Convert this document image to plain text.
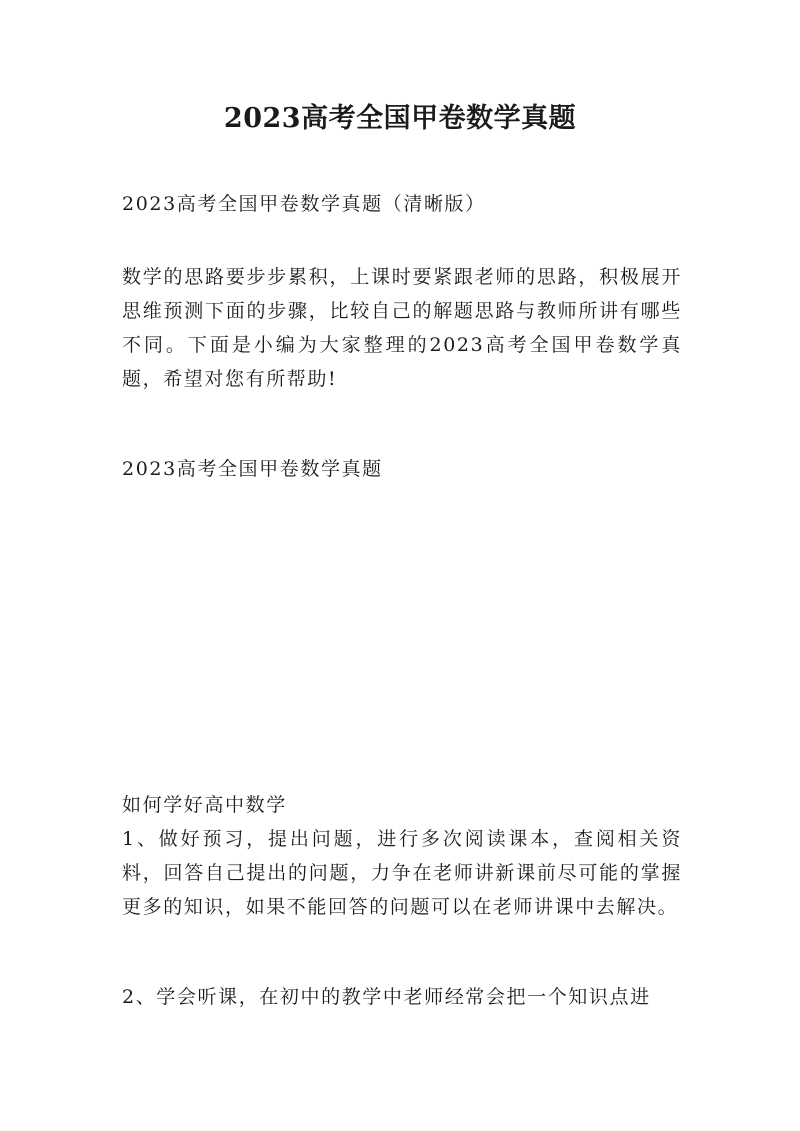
2023高考全国甲卷数学真题

2023高考全国甲卷数学真题（清晰版）

数学的思路要步步累积，上课时要紧跟老师的思路，积极展开思维预测下面的步骤，比较自己的解题思路与教师所讲有哪些不同。下面是小编为大家整理的2023高考全国甲卷数学真题，希望对您有所帮助!

2023高考全国甲卷数学真题

如何学好高中数学

1、做好预习，提出问题，进行多次阅读课本，查阅相关资料，回答自己提出的问题，力争在老师讲新课前尽可能的掌握更多的知识，如果不能回答的问题可以在老师讲课中去解决。

2、学会听课，在初中的教学中老师经常会把一个知识点进
